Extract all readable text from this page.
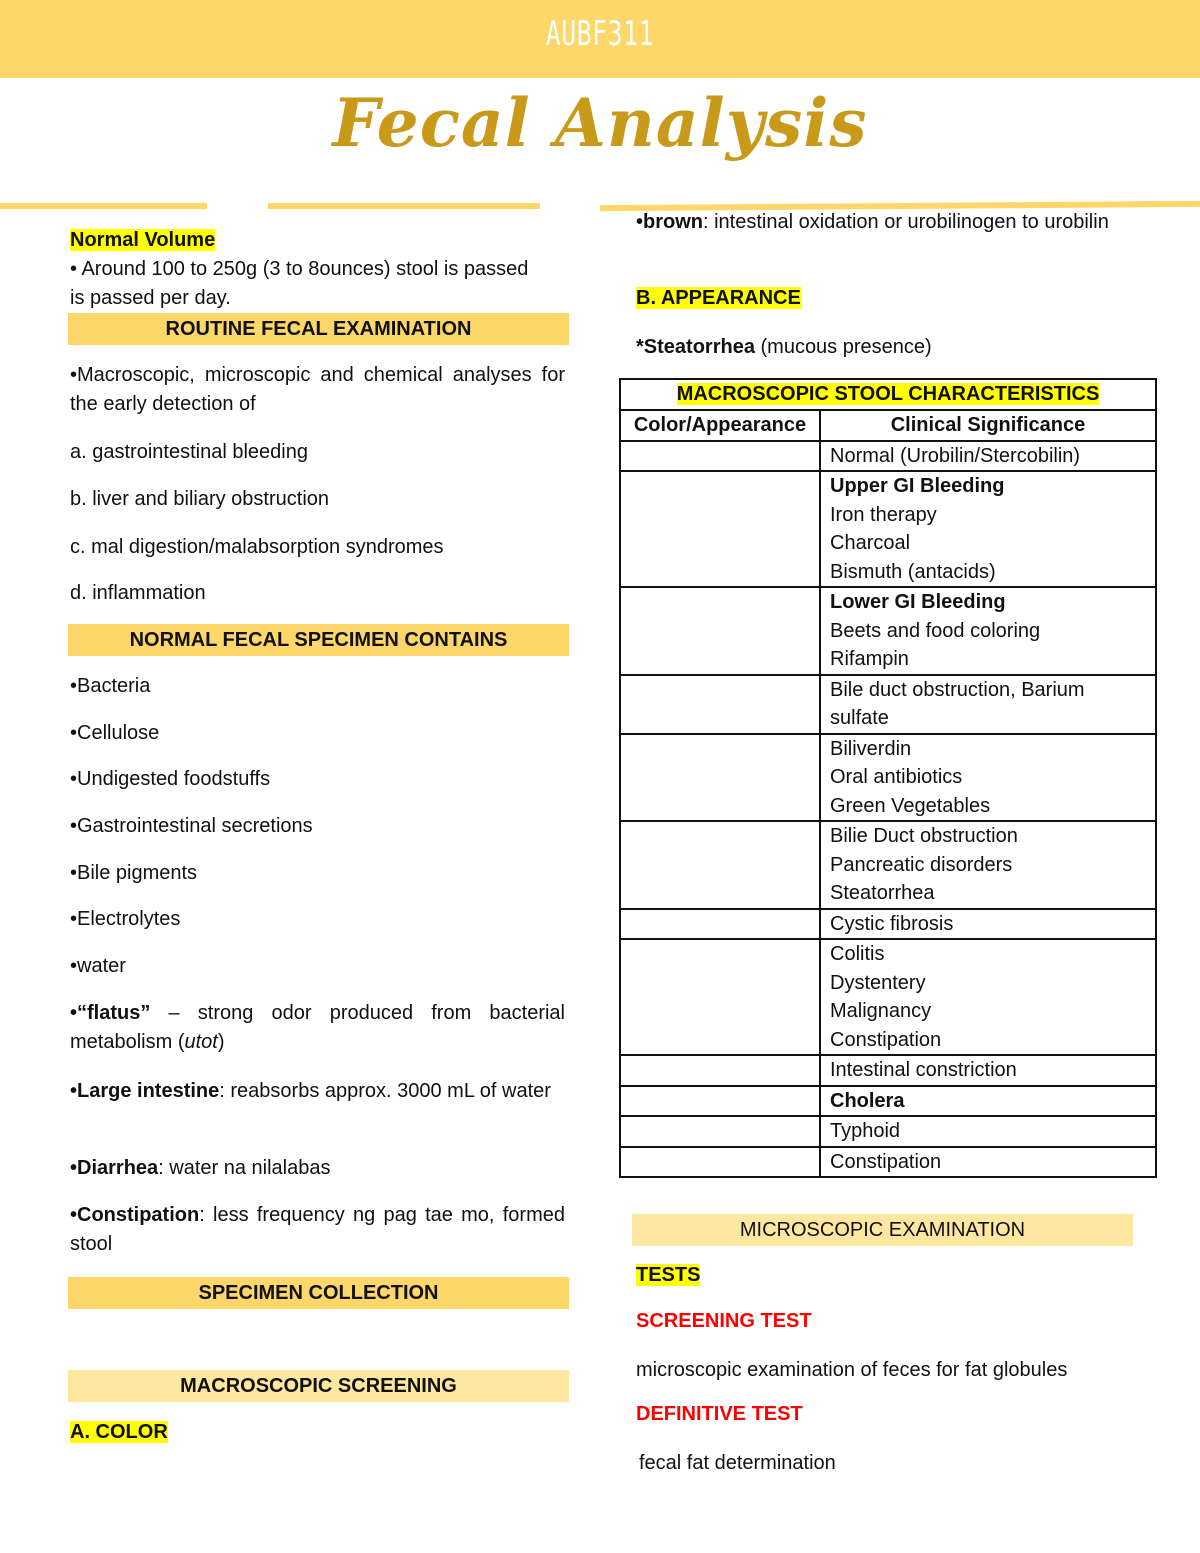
AUBF311
Fecal Analysis
Normal Volume
• Around 100 to 250g (3 to 8ounces) stool is passed
is passed per day.
ROUTINE FECAL EXAMINATION
•Macroscopic, microscopic and chemical analyses for the early detection of
a. gastrointestinal bleeding
b. liver and biliary obstruction
c. mal digestion/malabsorption syndromes
d. inflammation
NORMAL FECAL SPECIMEN CONTAINS
•Bacteria
•Cellulose
•Undigested foodstuffs
•Gastrointestinal secretions
•Bile pigments
•Electrolytes
•water
•“flatus” – strong odor produced from bacterial metabolism (utot)
•Large intestine: reabsorbs approx. 3000 mL of water
•Diarrhea: water na nilalabas
•Constipation: less frequency ng pag tae mo, formed stool
SPECIMEN COLLECTION
MACROSCOPIC SCREENING
A. COLOR
•brown: intestinal oxidation or urobilinogen to urobilin
B. APPEARANCE
*Steatorrhea (mucous presence)
MACROSCOPIC STOOL CHARACTERISTICS	
Color/Appearance	Clinical Significance

	Normal (Urobilin/Stercobilin)

	Upper GI Bleeding
Iron therapy
Charcoal
Bismuth (antacids)

	Lower GI Bleeding
Beets and food coloring
Rifampin

	Bile duct obstruction, Barium sulfate

	Biliverdin
Oral antibiotics
Green Vegetables

	Bilie Duct obstruction
Pancreatic disorders
Steatorrhea

	Cystic fibrosis

	Colitis
Dystentery
Malignancy
Constipation

	Intestinal constriction

	Cholera

	Typhoid

	Constipation
MICROSCOPIC EXAMINATION
TESTS
SCREENING TEST
microscopic examination of feces for fat globules
DEFINITIVE TEST
fecal fat determination
